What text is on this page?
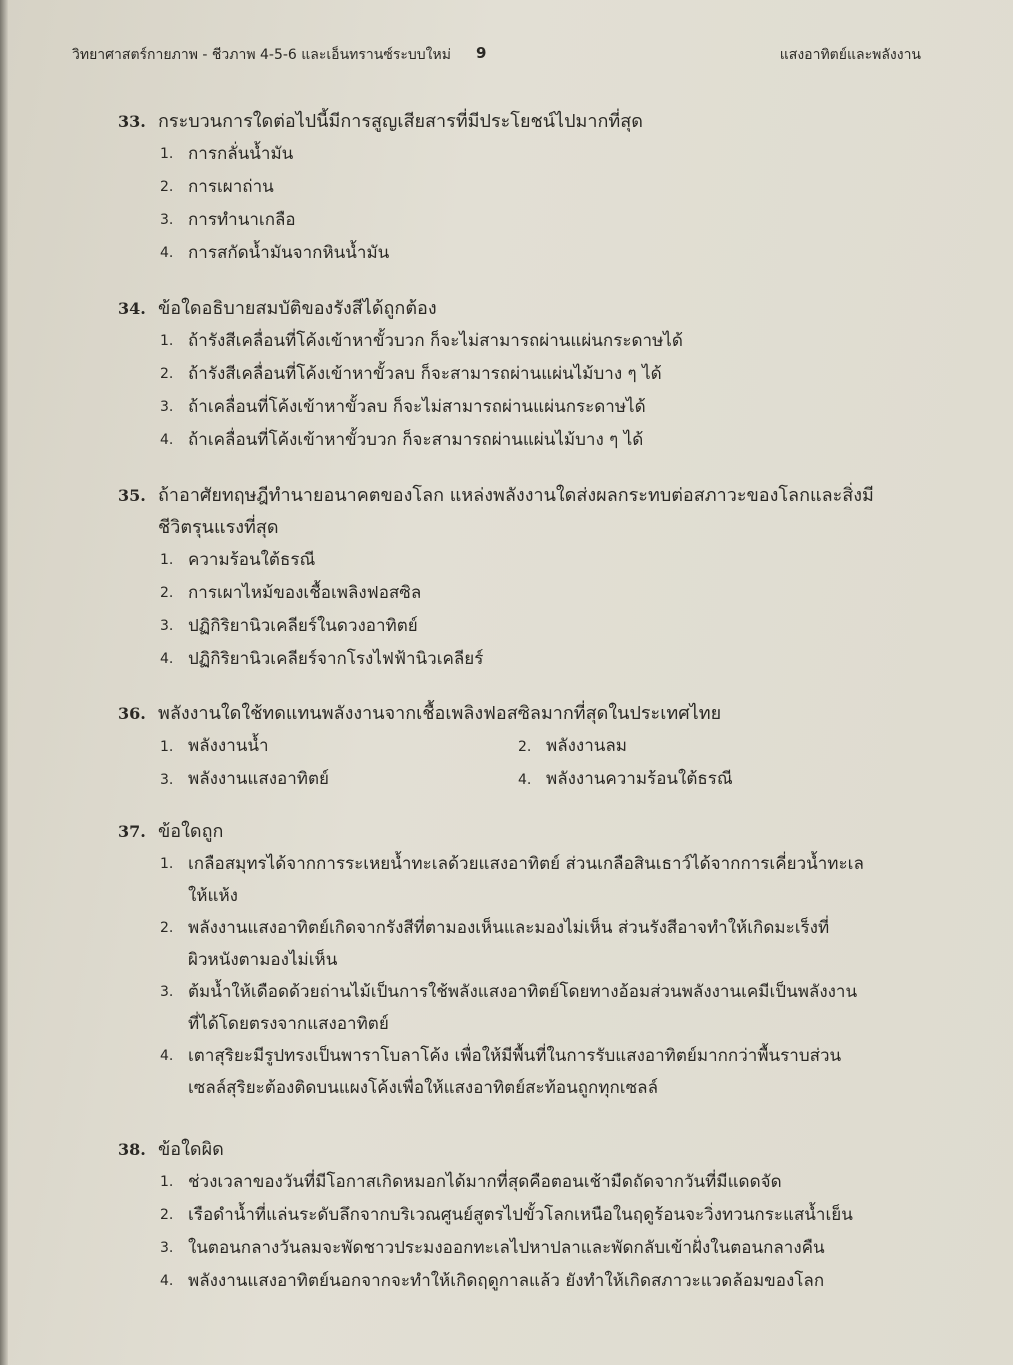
วิทยาศาสตร์กายภาพ - ชีวภาพ 4-5-6 และเอ็นทรานซ์ระบบใหม่ 9	แสงอาทิตย์และพลังงาน
33. กระบวนการใดต่อไปนี้มีการสูญเสียสารที่มีประโยชน์ไปมากที่สุด
1. การกลั่นน้ำมัน
2. การเผาถ่าน
3. การทำนาเกลือ
4. การสกัดน้ำมันจากหินน้ำมัน
34. ข้อใดอธิบายสมบัติของรังสีได้ถูกต้อง
1. ถ้ารังสีเคลื่อนที่โค้งเข้าหาขั้วบวก ก็จะไม่สามารถผ่านแผ่นกระดาษได้
2. ถ้ารังสีเคลื่อนที่โค้งเข้าหาขั้วลบ ก็จะสามารถผ่านแผ่นไม้บาง ๆ ได้
3. ถ้าเคลื่อนที่โค้งเข้าหาขั้วลบ ก็จะไม่สามารถผ่านแผ่นกระดาษได้
4. ถ้าเคลื่อนที่โค้งเข้าหาขั้วบวก ก็จะสามารถผ่านแผ่นไม้บาง ๆ ได้
35. ถ้าอาศัยทฤษฎีทำนายอนาคตของโลก แหล่งพลังงานใดส่งผลกระทบต่อสภาวะของโลกและสิ่งมี
ชีวิตรุนแรงที่สุด
1. ความร้อนใต้ธรณี
2. การเผาไหม้ของเชื้อเพลิงฟอสซิล
3. ปฏิกิริยานิวเคลียร์ในดวงอาทิตย์
4. ปฏิกิริยานิวเคลียร์จากโรงไฟฟ้านิวเคลียร์
36. พลังงานใดใช้ทดแทนพลังงานจากเชื้อเพลิงฟอสซิลมากที่สุดในประเทศไทย
1. พลังงานน้ำ	2. พลังงานลม
3. พลังงานแสงอาทิตย์	4. พลังงานความร้อนใต้ธรณี
37. ข้อใดถูก
1. เกลือสมุทรได้จากการระเหยน้ำทะเลด้วยแสงอาทิตย์ ส่วนเกลือสินเธาว์ได้จากการเคี่ยวน้ำทะเล
ให้แห้ง
2. พลังงานแสงอาทิตย์เกิดจากรังสีที่ตามองเห็นและมองไม่เห็น ส่วนรังสีอาจทำให้เกิดมะเร็งที่
ผิวหนังตามองไม่เห็น
3. ต้มน้ำให้เดือดด้วยถ่านไม้เป็นการใช้พลังแสงอาทิตย์โดยทางอ้อมส่วนพลังงานเคมีเป็นพลังงาน
ที่ได้โดยตรงจากแสงอาทิตย์
4. เตาสุริยะมีรูปทรงเป็นพาราโบลาโค้ง เพื่อให้มีพื้นที่ในการรับแสงอาทิตย์มากกว่าพื้นราบส่วน
เซลล์สุริยะต้องติดบนแผงโค้งเพื่อให้แสงอาทิตย์สะท้อนถูกทุกเซลล์
38. ข้อใดผิด
1. ช่วงเวลาของวันที่มีโอกาสเกิดหมอกได้มากที่สุดคือตอนเช้ามืดถัดจากวันที่มีแดดจัด
2. เรือดำน้ำที่แล่นระดับลึกจากบริเวณศูนย์สูตรไปขั้วโลกเหนือในฤดูร้อนจะวิ่งทวนกระแสน้ำเย็น
3. ในตอนกลางวันลมจะพัดชาวประมงออกทะเลไปหาปลาและพัดกลับเข้าฝั่งในตอนกลางคืน
4. พลังงานแสงอาทิตย์นอกจากจะทำให้เกิดฤดูกาลแล้ว ยังทำให้เกิดสภาวะแวดล้อมของโลก
